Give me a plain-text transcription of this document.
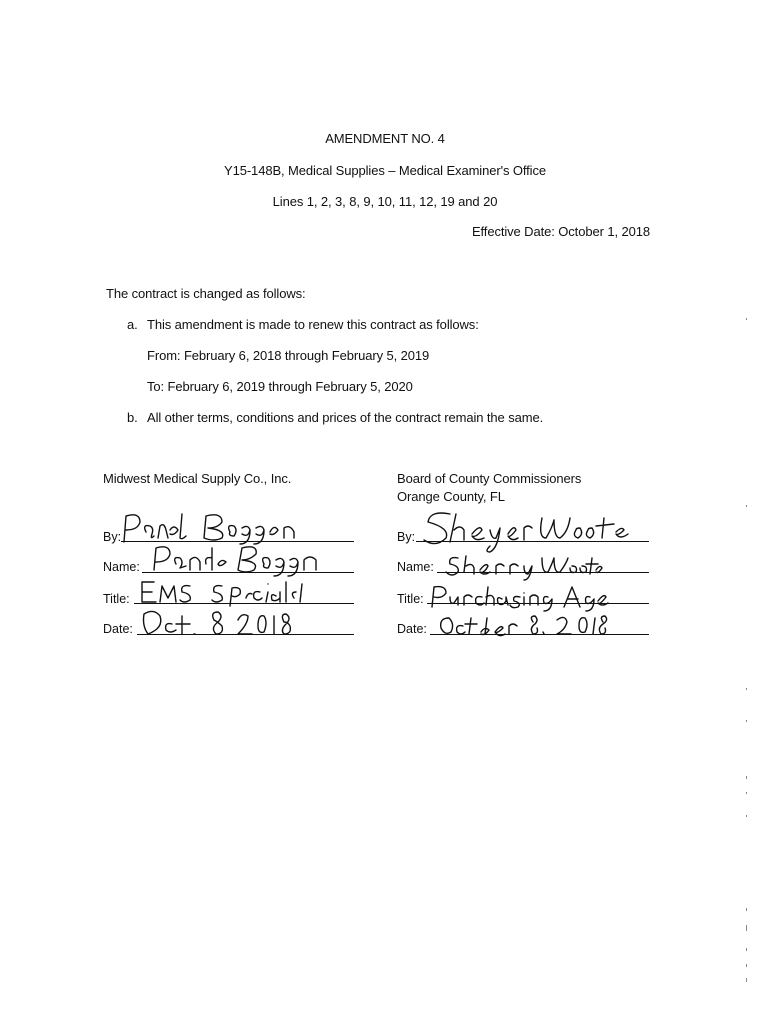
AMENDMENT NO. 4
Y15-148B, Medical Supplies – Medical Examiner's Office
Lines 1, 2, 3, 8, 9, 10, 11, 12, 19 and 20
Effective Date: October 1, 2018
The contract is changed as follows:
a. This amendment is made to renew this contract as follows:
From: February 6, 2018 through February 5, 2019
To: February 6, 2019 through February 5, 2020
b. All other terms, conditions and prices of the contract remain the same.
Midwest Medical Supply Co., Inc.
By:
Name:
Title:
Date:
Board of County Commissioners
Orange County, FL
By:
Name:
Title:
Date:
